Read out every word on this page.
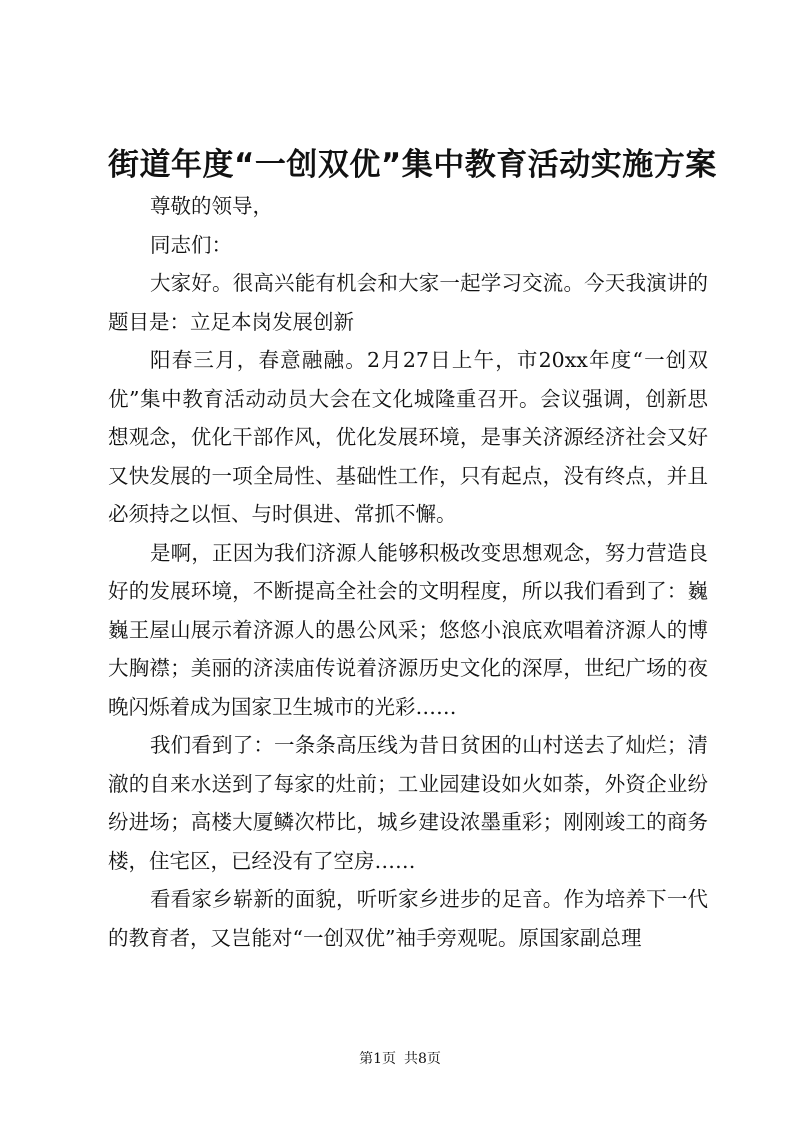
街道年度“一创双优”集中教育活动实施方案

尊敬的领导，

同志们：

大家好。很高兴能有机会和大家一起学习交流。今天我演讲的题目是：立足本岗发展创新

阳春三月，春意融融。2月27日上午，市20xx年度“一创双优”集中教育活动动员大会在文化城隆重召开。会议强调，创新思想观念，优化干部作风，优化发展环境，是事关济源经济社会又好又快发展的一项全局性、基础性工作，只有起点，没有终点，并且必须持之以恒、与时俱进、常抓不懈。

是啊，正因为我们济源人能够积极改变思想观念，努力营造良好的发展环境，不断提高全社会的文明程度，所以我们看到了：巍巍王屋山展示着济源人的愚公风采；悠悠小浪底欢唱着济源人的博大胸襟；美丽的济渎庙传说着济源历史文化的深厚，世纪广场的夜晚闪烁着成为国家卫生城市的光彩……

我们看到了：一条条高压线为昔日贫困的山村送去了灿烂；清澈的自来水送到了每家的灶前；工业园建设如火如荼，外资企业纷纷进场；高楼大厦鳞次栉比，城乡建设浓墨重彩；刚刚竣工的商务楼，住宅区，已经没有了空房……

看看家乡崭新的面貌，听听家乡进步的足音。作为培养下一代的教育者，又岂能对“一创双优”袖手旁观呢。原国家副总理

第1页 共8页
